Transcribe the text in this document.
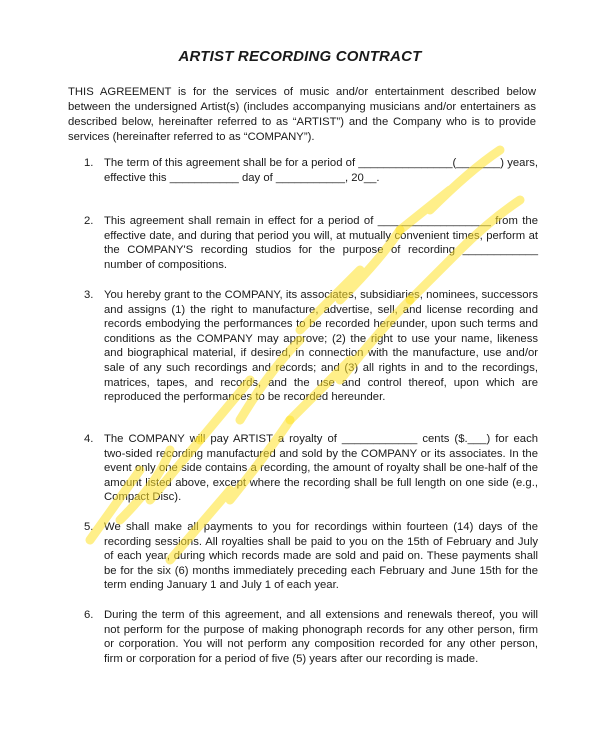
ARTIST RECORDING CONTRACT
THIS AGREEMENT is for the services of music and/or entertainment described below between the undersigned Artist(s) (includes accompanying musicians and/or entertainers as described below, hereinafter referred to as “ARTIST”) and the Company who is to provide services (hereinafter referred to as “COMPANY”).
1. The term of this agreement shall be for a period of _______________(_______) years, effective this ___________ day of ___________, 20__.
2. This agreement shall remain in effect for a period of __________________ from the effective date, and during that period you will, at mutually convenient times, perform at the COMPANY'S recording studios for the purpose of recording ____________ number of compositions.
3. You hereby grant to the COMPANY, its associates, subsidiaries, nominees, successors and assigns (1) the right to manufacture, advertise, sell, and license recording and records embodying the performances to be recorded hereunder, upon such terms and conditions as the COMPANY may approve; (2) the right to use your name, likeness and biographical material, if desired, in connection with the manufacture, use and/or sale of any such recordings and records; and (3) all rights in and to the recordings, matrices, tapes, and records, and the use and control thereof, upon which are reproduced the performances to be recorded hereunder.
4. The COMPANY will pay ARTIST a royalty of ____________ cents ($.___) for each two-sided recording manufactured and sold by the COMPANY or its associates. In the event only one side contains a recording, the amount of royalty shall be one-half of the amount listed above, except where the recording shall be full length on one side (e.g., Compact Disc).
5. We shall make all payments to you for recordings within fourteen (14) days of the recording sessions. All royalties shall be paid to you on the 15th of February and July of each year, during which records made are sold and paid on. These payments shall be for the six (6) months immediately preceding each February and June 15th for the term ending January 1 and July 1 of each year.
6. During the term of this agreement, and all extensions and renewals thereof, you will not perform for the purpose of making phonograph records for any other person, firm or corporation. You will not perform any composition recorded for any other person, firm or corporation for a period of five (5) years after our recording is made.
